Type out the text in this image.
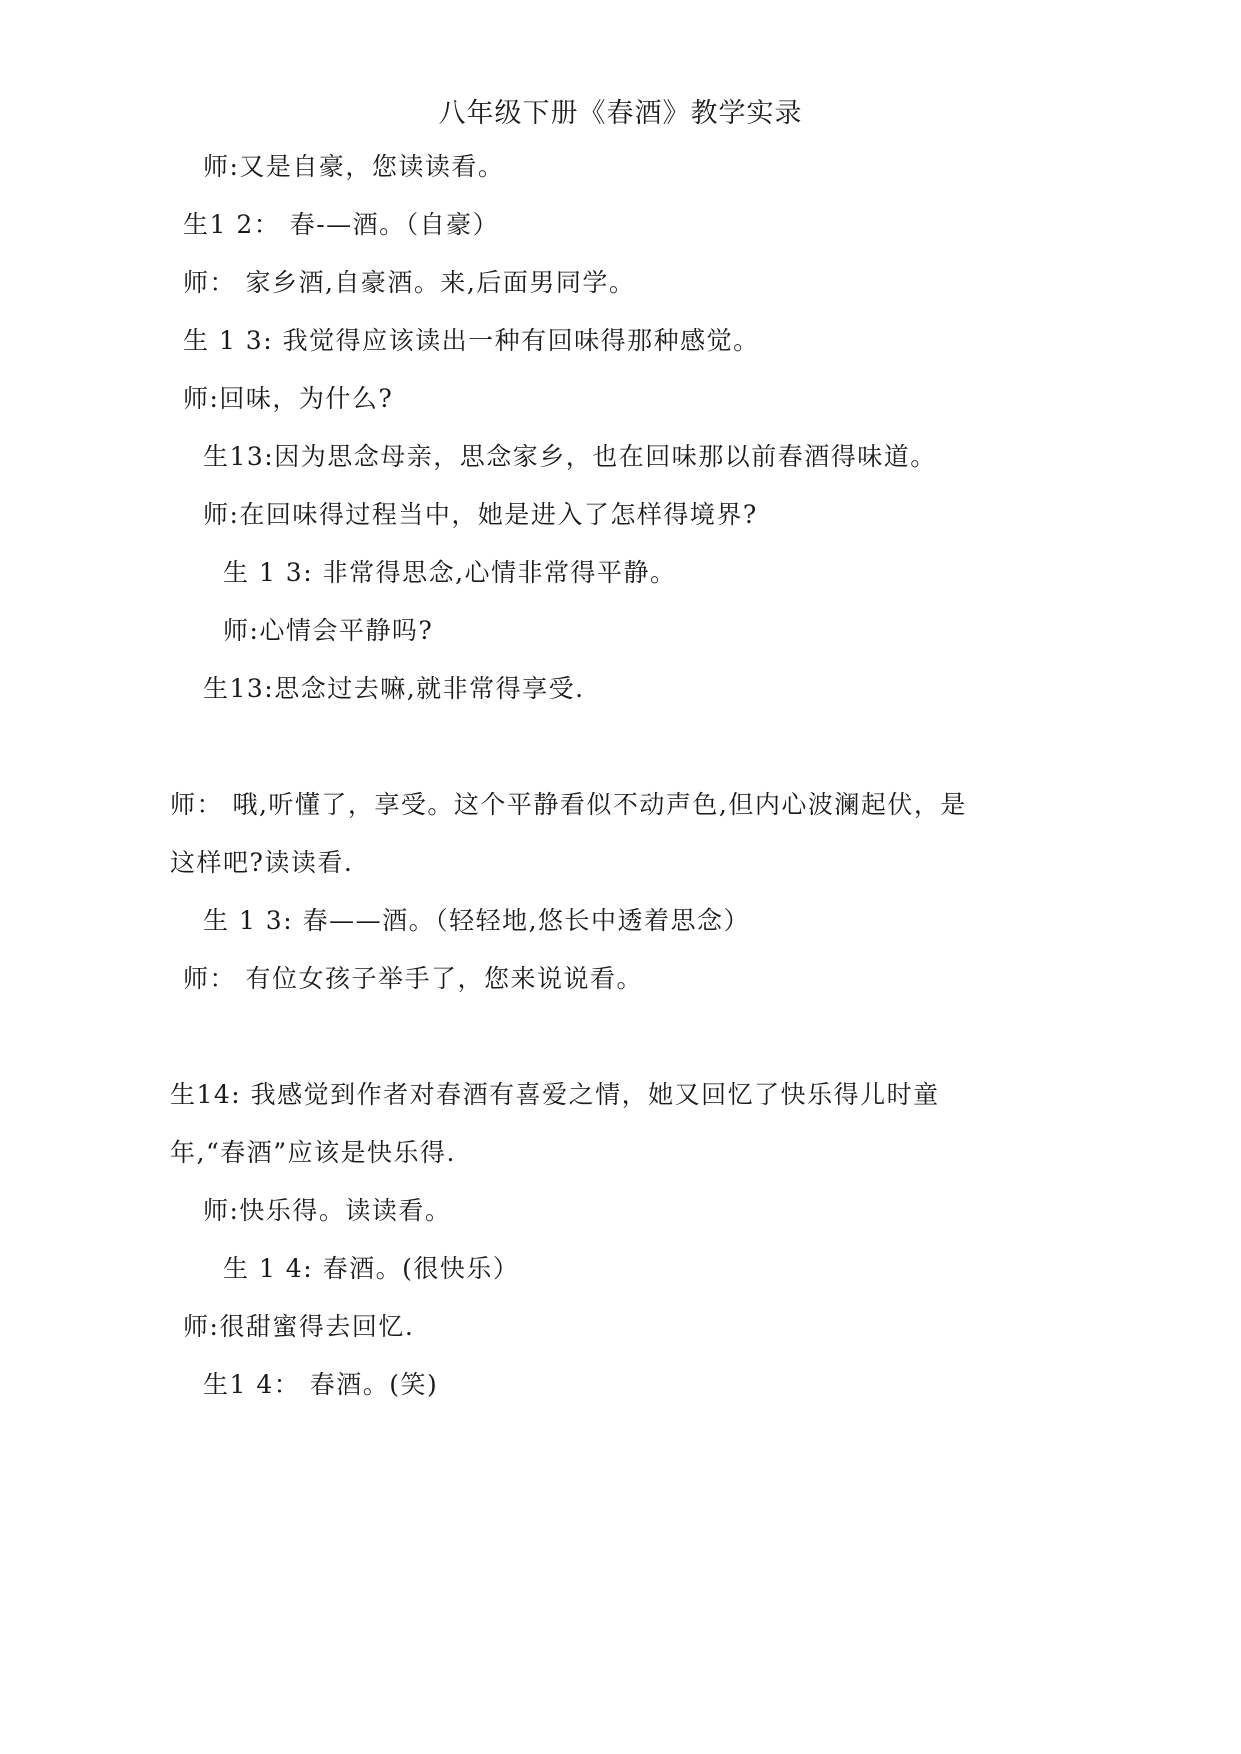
八年级下册《春酒》教学实录
师:又是自豪，您读读看。
生1 2： 春-—酒。（自豪）
师： 家乡酒,自豪酒。来,后面男同学。
生 1 3: 我觉得应该读出一种有回味得那种感觉。
师:回味，为什么?
生13:因为思念母亲，思念家乡，也在回味那以前春酒得味道。
师:在回味得过程当中，她是进入了怎样得境界?
生 1 3: 非常得思念,心情非常得平静。
师:心情会平静吗?
生13:思念过去嘛,就非常得享受.
师： 哦,听懂了，享受。这个平静看似不动声色,但内心波澜起伏，是
这样吧?读读看.
生 1 3: 春——酒。（轻轻地,悠长中透着思念）
师： 有位女孩子举手了，您来说说看。
生14: 我感觉到作者对春酒有喜爱之情，她又回忆了快乐得儿时童
年,“春酒”应该是快乐得.
师:快乐得。读读看。
生 1 4: 春酒。(很快乐）
师:很甜蜜得去回忆.
生1 4： 春酒。(笑)
